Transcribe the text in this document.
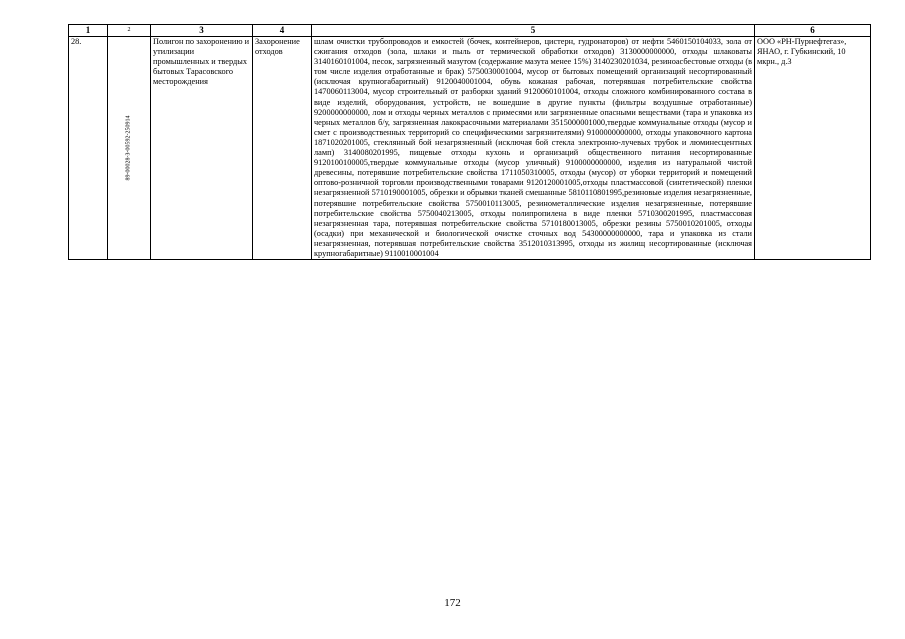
1	2	3	4	5	6
28.	89-00028-З-00592-250914	Полигон по захоронению и утилизации промышленных и твердых бытовых Тарасовского месторождения	Захоронение отходов	шлам очистки трубопроводов и емкостей (бочек, контейнеров, цистерн, гудронаторов) от нефти 5460150104033, зола от сжигания отходов (зола, шлаки и пыль от термической обработки отходов) 3130000000000, отходы шлаковаты 3140160101004, песок, загрязненный мазутом (содержание мазута менее 15%) 3140230201034, резиноасбестовые отходы (в том числе изделия отработанные и брак) 5750030001004, мусор от бытовых помещений организаций несортированный (исключая крупногабаритный) 9120040001004, обувь кожаная рабочая, потерявшая потребительские свойства 1470060113004, мусор строительный от разборки зданий 9120060101004, отходы сложного комбинированного состава в виде изделий, оборудования, устройств, не вошедшие в другие пункты (фильтры воздушные отработанные) 9200000000000, лом и отходы черных металлов с примесями или загрязненные опасными веществами (тара и упаковка из черных металлов б/у, загрязненная лакокрасочными материалами 3515000001000,твердые коммунальные отходы (мусор и смет с производственных территорий со специфическими загрязнителями) 9100000000000, отходы упаковочного картона 1871020201005, стеклянный бой незагрязненный (исключая бой стекла электронно-лучевых трубок и люминесцентных ламп) 3140080201995, пищевые отходы кухонь и организаций общественного питания несортированные 9120100100005,твердые коммунальные отходы (мусор уличный) 9100000000000, изделия из натуральной чистой древесины, потерявшие потребительские свойства 1711050310005, отходы (мусор) от уборки территорий и помещений оптово-розничной торговли производственными товарами 9120120001005,отходы пластмассовой (синтетической) пленки незагрязненной 5710190001005, обрезки и обрывки тканей смешанные 5810110801995,резиновые изделия незагрязненные, потерявшие потребительские свойства 5750010113005, резинометаллические изделия незагрязненные, потерявшие потребительские свойства 5750040213005, отходы полипропилена в виде пленки 5710300201995, пластмассовая незагрязненная тара, потерявшая потребительские свойства 5710180013005, обрезки резины 5750010201005, отходы (осадки) при механической и биологической очистке сточных вод 54300000000000, тара и упаковка из стали незагрязненная, потерявшая потребительские свойства 3512010313995, отходы из жилищ несортированные (исключая крупногабаритные) 9110010001004	ООО «РН-Пурнефтегаз», ЯНАО, г. Губкинский, 10 мкрн., д.3
172
